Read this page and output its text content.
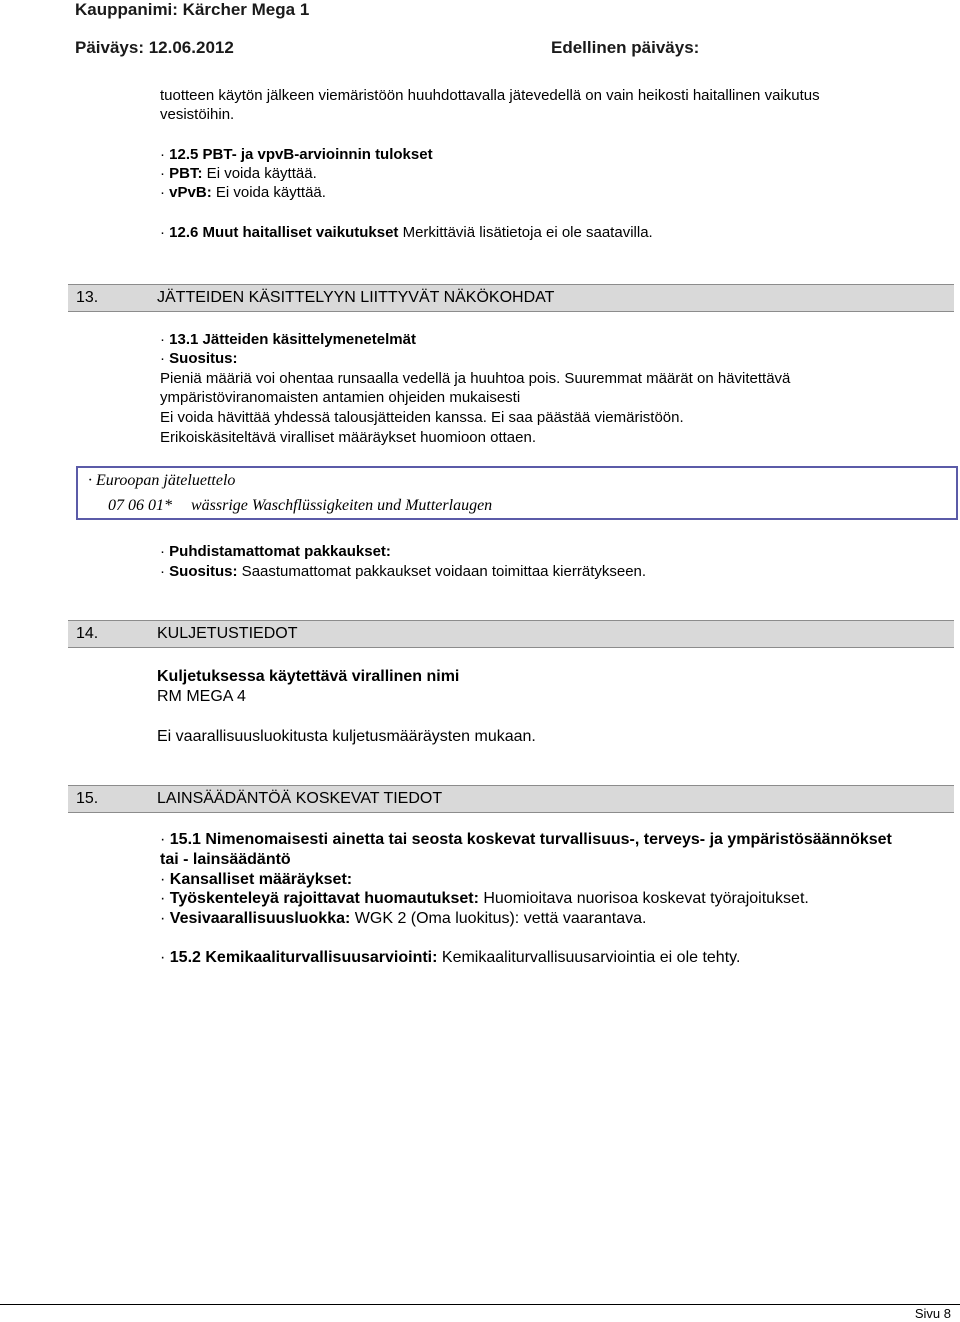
Kauppanimi: Kärcher Mega 1
Päiväys: 12.06.2012	Edellinen päiväys:
tuotteen käytön jälkeen viemäristöön huuhdottavalla jätevedellä on vain heikosti haitallinen vaikutus
vesistöihin.
· 12.5 PBT- ja vpvB-arvioinnin tulokset
· PBT: Ei voida käyttää.
· vPvB: Ei voida käyttää.
· 12.6 Muut haitalliset vaikutukset Merkittäviä lisätietoja ei ole saatavilla.
13.	JÄTTEIDEN KÄSITTELYYN LIITTYVÄT NÄKÖKOHDAT
· 13.1 Jätteiden käsittelymenetelmät
· Suositus:
Pieniä määriä voi ohentaa runsaalla vedellä ja huuhtoa pois. Suuremmat määrät on hävitettävä
ympäristöviranomaisten antamien ohjeiden mukaisesti
Ei voida hävittää yhdessä talousjätteiden kanssa. Ei saa päästää viemäristöön.
Erikoiskäsiteltävä viralliset määräykset huomioon ottaen.
· Euroopan jäteluettelo
07 06 01* wässrige Waschflüssigkeiten und Mutterlaugen
· Puhdistamattomat pakkaukset:
· Suositus: Saastumattomat pakkaukset voidaan toimittaa kierrätykseen.
14.	KULJETUSTIEDOT
Kuljetuksessa käytettävä virallinen nimi
RM MEGA 4
Ei vaarallisuusluokitusta kuljetusmääräysten mukaan.
15.	LAINSÄÄDÄNTÖÄ KOSKEVAT TIEDOT
· 15.1 Nimenomaisesti ainetta tai seosta koskevat turvallisuus-, terveys- ja ympäristösäännökset
tai - lainsäädäntö
· Kansalliset määräykset:
· Työskenteleyä rajoittavat huomautukset: Huomioitava nuorisoa koskevat työrajoitukset.
· Vesivaarallisuusluokka: WGK 2 (Oma luokitus): vettä vaarantava.
· 15.2 Kemikaaliturvallisuusarviointi: Kemikaaliturvallisuusarviointia ei ole tehty.
Sivu 8
